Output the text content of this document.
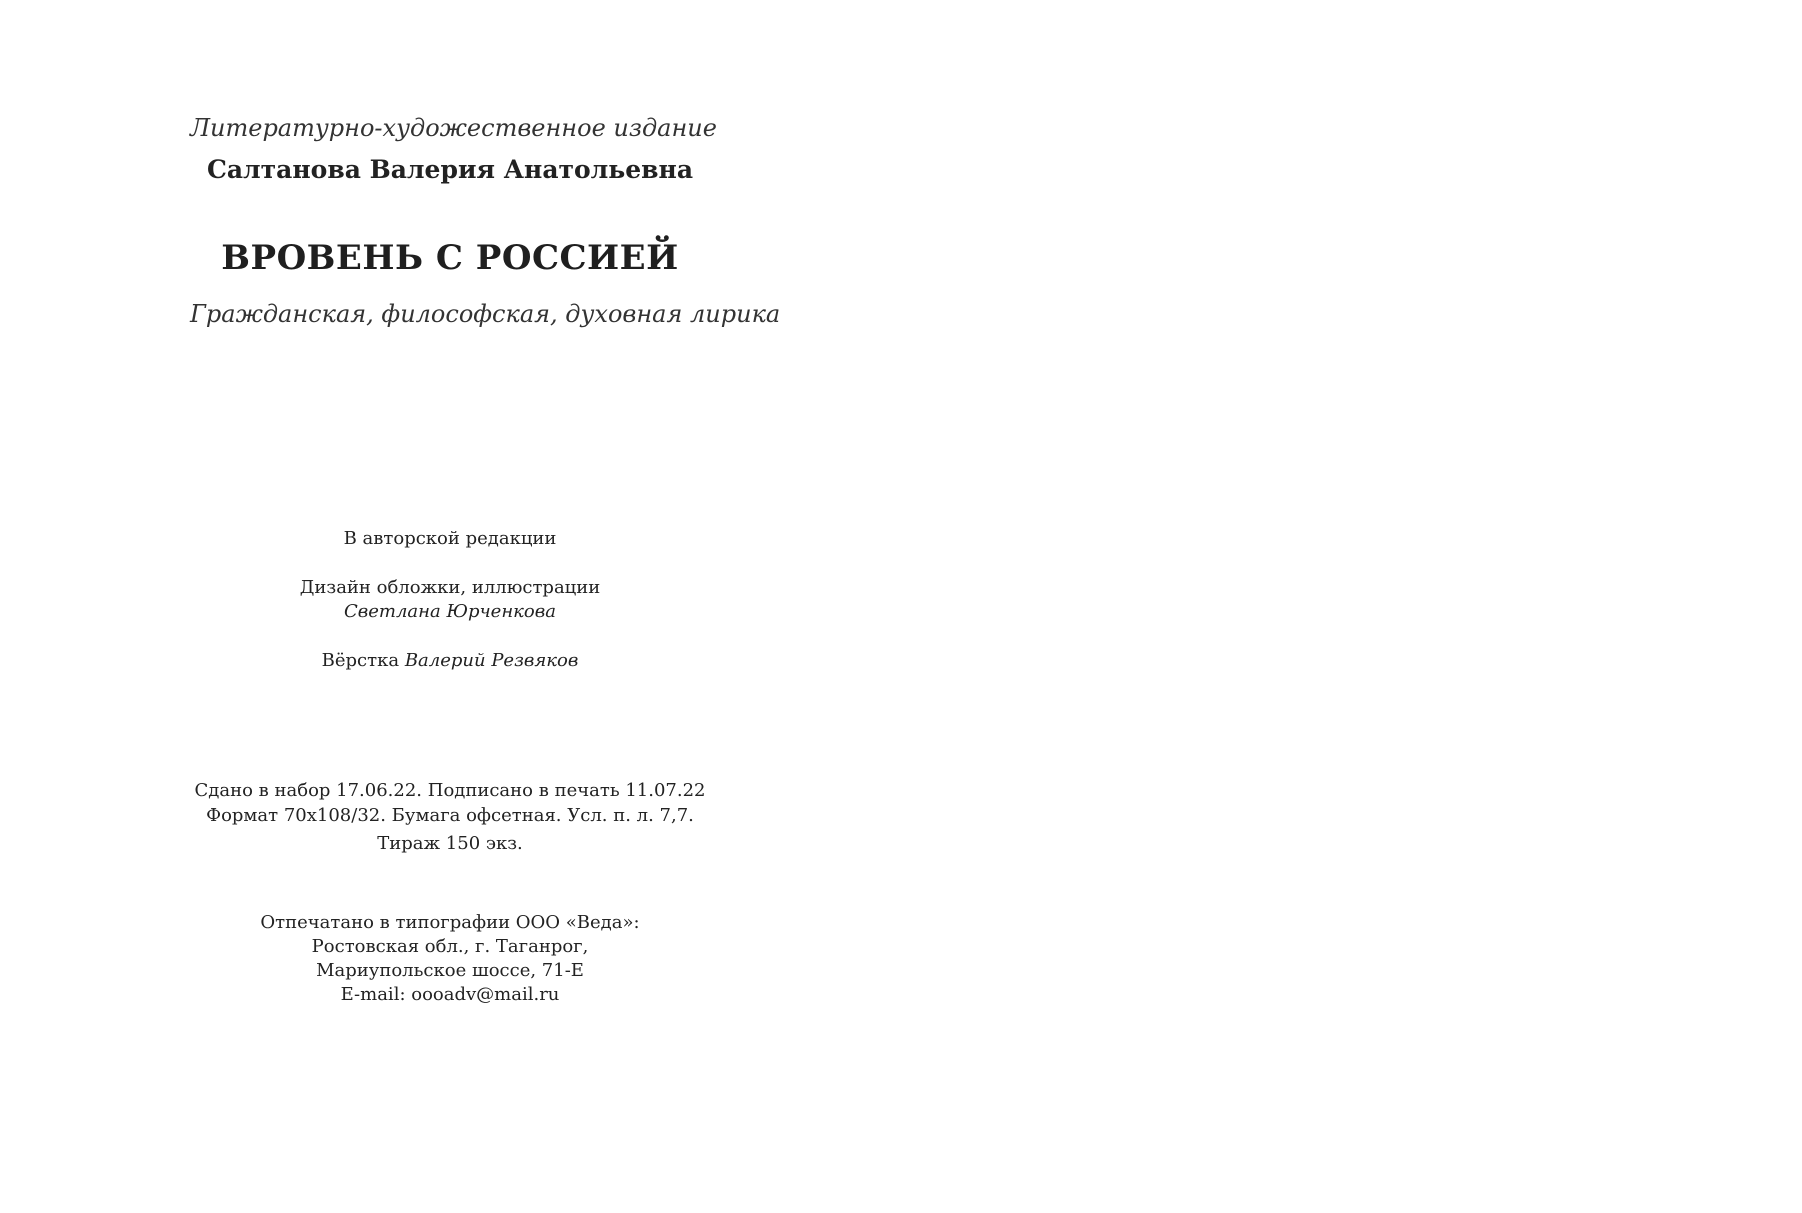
Литературно-художественное издание
Салтанова Валерия Анатольевна
ВРОВЕНЬ С РОССИЕЙ
Гражданская, философская, духовная лирика
В авторской редакции
Дизайн обложки, иллюстрации
Светлана Юрченкова
Вёрстка Валерий Резвяков
Сдано в набор 17.06.22. Подписано в печать 11.07.22
Формат 70x108/32. Бумага офсетная. Усл. п. л. 7,7.
Тираж 150 экз.
Отпечатано в типографии ООО «Веда»:
Ростовская обл., г. Таганрог,
Мариупольское шоссе, 71-Е
E-mail: oooadv@mail.ru
